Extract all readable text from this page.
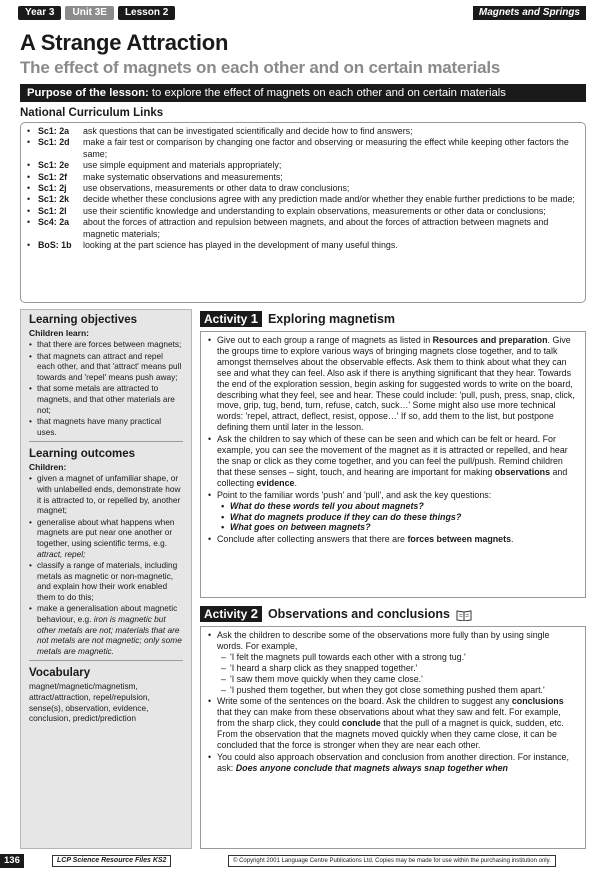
Year 3	Unit 3E	Lesson 2	Magnets and Springs
A Strange Attraction
The effect of magnets on each other and on certain materials
Purpose of the lesson: to explore the effect of magnets on each other and on certain materials
National Curriculum Links
• Sc1: 2a	ask questions that can be investigated scientifically and decide how to find answers;
• Sc1: 2d	make a fair test or comparison by changing one factor and observing or measuring the effect while keeping other factors the same;
• Sc1: 2e	use simple equipment and materials appropriately;
• Sc1: 2f	make systematic observations and measurements;
• Sc1: 2j	use observations, measurements or other data to draw conclusions;
• Sc1: 2k	decide whether these conclusions agree with any prediction made and/or whether they enable further predictions to be made;
• Sc1: 2l	use their scientific knowledge and understanding to explain observations, measurements or other data or conclusions;
• Sc4: 2a	about the forces of attraction and repulsion between magnets, and about the forces of attraction between magnets and magnetic materials;
• BoS: 1b	looking at the part science has played in the development of many useful things.
Learning objectives
Children learn:
• that there are forces between magnets;
• that magnets can attract and repel each other, and that 'attract' means pull towards and 'repel' means push away;
• that some metals are attracted to magnets, and that other materials are not;
• that magnets have many practical uses.
Learning outcomes
Children:
• given a magnet of unfamiliar shape, or with unlabelled ends, demonstrate how it is attracted to, or repelled by, another magnet;
• generalise about what happens when magnets are put near one another or together, using scientific terms, e.g. attract, repel;
• classify a range of materials, including metals as magnetic or non-magnetic, and explain how their work enabled them to do this;
• make a generalisation about magnetic behaviour, e.g. iron is magnetic but other metals are not; materials that are not metals are not magnetic; only some metals are magnetic.
Vocabulary
magnet/magnetic/magnetism, attract/attraction, repel/repulsion, sense(s), observation, evidence, conclusion, predict/prediction
Activity 1 Exploring magnetism
• Give out to each group a range of magnets as listed in Resources and preparation. Give the groups time to explore various ways of bringing magnets close together, and to talk amongst themselves about the observable effects. Ask them to think about what they can see and what they can feel. Also ask if there is anything significant that they hear. Towards the end of the exploration session, begin asking for suggested words to write on the board, describing what they feel, see and hear. These could include: 'pull, push, press, snap, click, move, grip, tug, bend, turn, refuse, catch, suck…' Some might also use more technical words: 'repel, attract, deflect, resist, oppose…' If so, add them to the list, but postpone defining them until later in the lesson.
• Ask the children to say which of these can be seen and which can be felt or heard. For example, you can see the movement of the magnet as it is attracted or repelled, and hear the snap or click as they come together, and you can feel the pull/push. Remind children that these senses – sight, touch, and hearing are important for making observations and collecting evidence.
• Point to the familiar words 'push' and 'pull', and ask the key questions:
• What do these words tell you about magnets?
• What do magnets produce if they can do these things?
• What goes on between magnets?
• Conclude after collecting answers that there are forces between magnets.
Activity 2 Observations and conclusions
• Ask the children to describe some of the observations more fully than by using single words. For example,
– 'I felt the magnets pull towards each other with a strong tug.'
– 'I heard a sharp click as they snapped together.'
– 'I saw them move quickly when they came close.'
– 'I pushed them together, but when they got close something pushed them apart.'
• Write some of the sentences on the board. Ask the children to suggest any conclusions that they can make from these observations about what they saw and felt. For example, from the sharp click, they could conclude that the pull of a magnet is quick, sudden, etc. From the observation that the magnets moved quickly when they came close, it can be concluded that the force is stronger when they are near each other.
• You could also approach observation and conclusion from another direction. For instance, ask: Does anyone conclude that magnets always snap together when
136	LCP Science Resource Files KS2	© Copyright 2001 Language Centre Publications Ltd. Copies may be made for use within the purchasing institution only.
